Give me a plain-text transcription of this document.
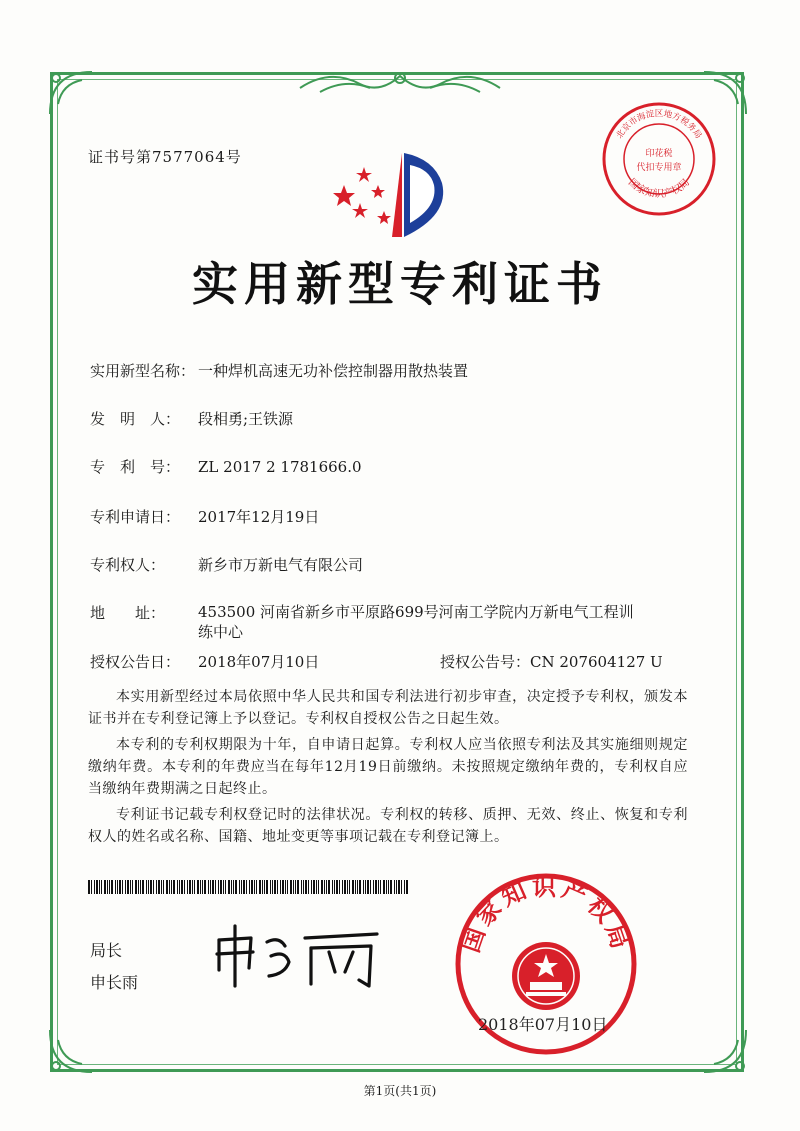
证书号第7577064号
北京市海淀区地方税务局
国家知识产权局
印花税
代扣专用章
实用新型专利证书
实用新型名称： 一种焊机高速无功补偿控制器用散热装置
发　明　人： 段相勇;王铁源
专　利　号： ZL 2017 2 1781666.0
专利申请日： 2017年12月19日
专利权人： 新乡市万新电气有限公司
地　　址： 453500 河南省新乡市平原路699号河南工学院内万新电气工程训练中心
授权公告日： 2018年07月10日	授权公告号：CN 207604127 U
本实用新型经过本局依照中华人民共和国专利法进行初步审查，决定授予专利权，颁发本证书并在专利登记簿上予以登记。专利权自授权公告之日起生效。
本专利的专利权期限为十年，自申请日起算。专利权人应当依照专利法及其实施细则规定缴纳年费。本专利的年费应当在每年12月19日前缴纳。未按照规定缴纳年费的，专利权自应当缴纳年费期满之日起终止。
专利证书记载专利权登记时的法律状况。专利权的转移、质押、无效、终止、恢复和专利权人的姓名或名称、国籍、地址变更等事项记载在专利登记簿上。
局长
申长雨
国家知识产权局
2018年07月10日
第1页(共1页)
